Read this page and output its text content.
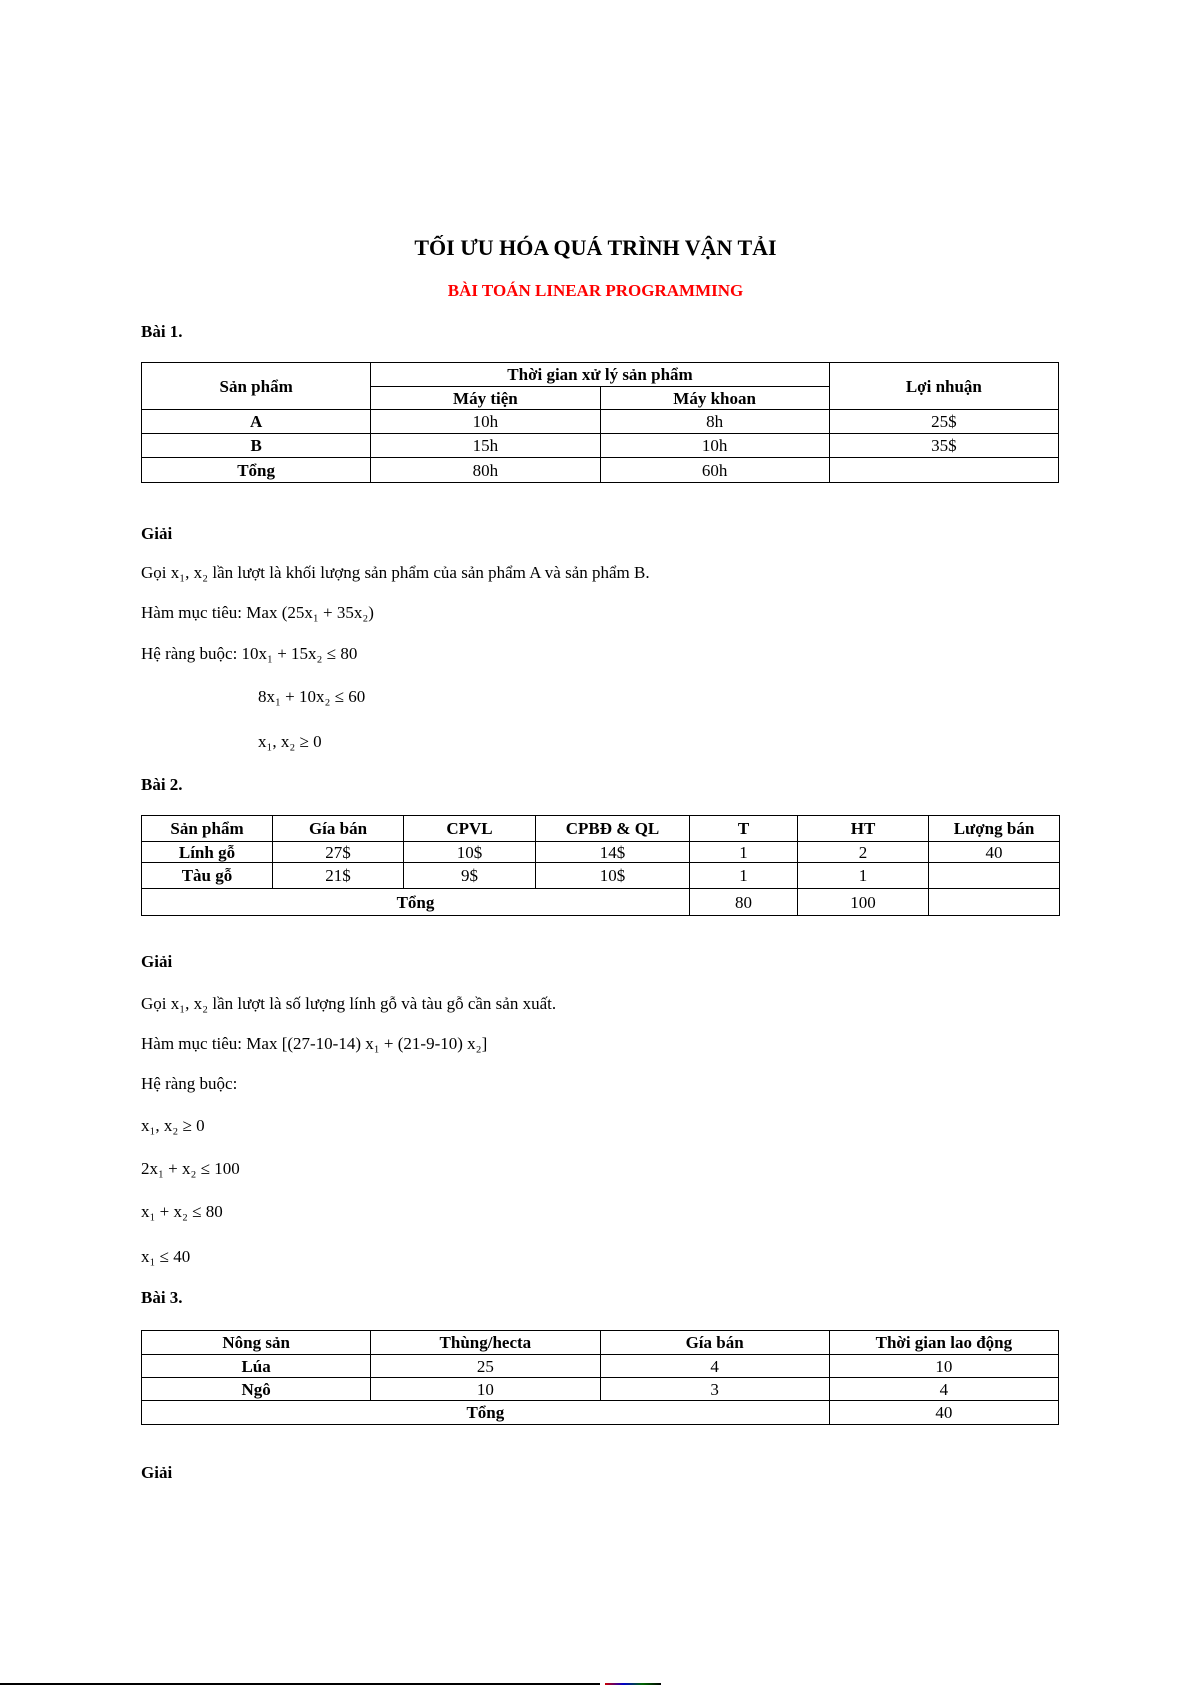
TỐI ƯU HÓA QUÁ TRÌNH VẬN TẢI
BÀI TOÁN LINEAR PROGRAMMING
Bài 1.
Sản phẩm	Thời gian xử lý sản phẩm		Lợi nhuận
	Máy tiện	Máy khoan	
A	10h	8h	25$
B	15h	10h	35$
Tổng	80h	60h	
Giải
Gọi x₁, x₂ lần lượt là khối lượng sản phẩm của sản phẩm A và sản phẩm B.
Hàm mục tiêu: Max (25x₁ + 35x₂)
Hệ ràng buộc: 10x₁ + 15x₂ ≤ 80
8x₁ + 10x₂ ≤ 60
x₁, x₂ ≥ 0
Bài 2.
Sản phẩm	Gía bán	CPVL	CPBĐ & QL	T	HT	Lượng bán
Lính gỗ	27$	10$	14$	1	2	40
Tàu gỗ	21$	9$	10$	1	1	
Tổng				80	100	
Giải
Gọi x₁, x₂ lần lượt là số lượng lính gỗ và tàu gỗ cần sản xuất.
Hàm mục tiêu: Max [(27-10-14) x₁ + (21-9-10) x₂]
Hệ ràng buộc:
x₁, x₂ ≥ 0
2x₁ + x₂ ≤ 100
x₁ + x₂ ≤ 80
x₁ ≤ 40
Bài 3.
Nông sản	Thùng/hecta	Gía bán	Thời gian lao động
Lúa	25	4	10
Ngô	10	3	4
Tổng			40
Giải
